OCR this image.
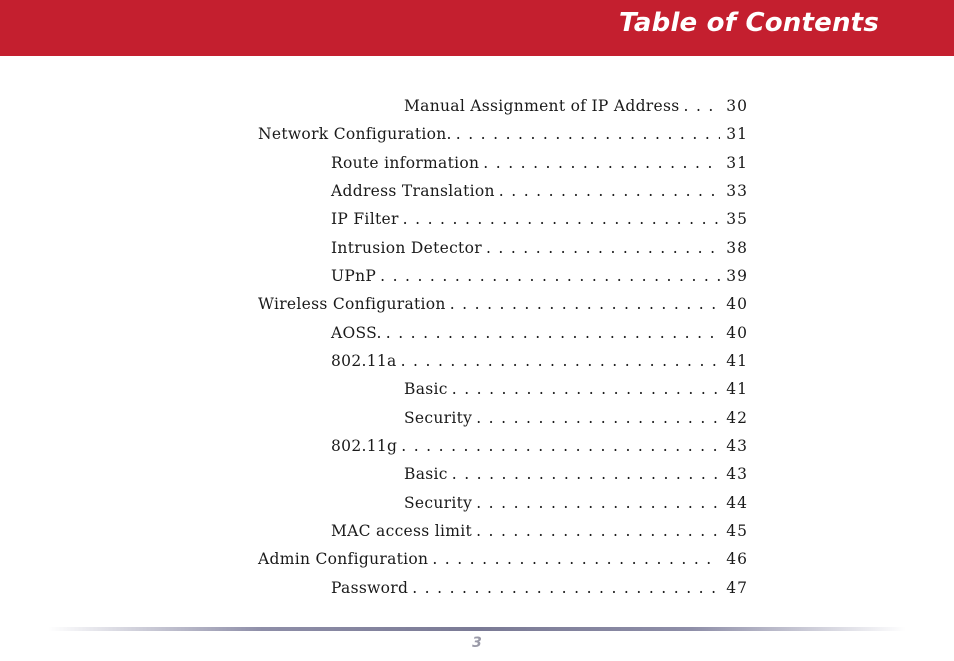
Table of Contents
Manual Assignment of IP Address . . .	30
Network Configuration. . . .	31
Route information . . .	31
Address Translation . . .	33
IP Filter . . .	35
Intrusion Detector . . .	38
UPnP . . .	39
Wireless Configuration . . .	40
AOSS. . . .	40
802.11a . . .	41
Basic . . .	41
Security . . .	42
802.11g . . .	43
Basic . . .	43
Security . . .	44
MAC access limit . . .	45
Admin Configuration . . .	46
Password . . .	47
3
